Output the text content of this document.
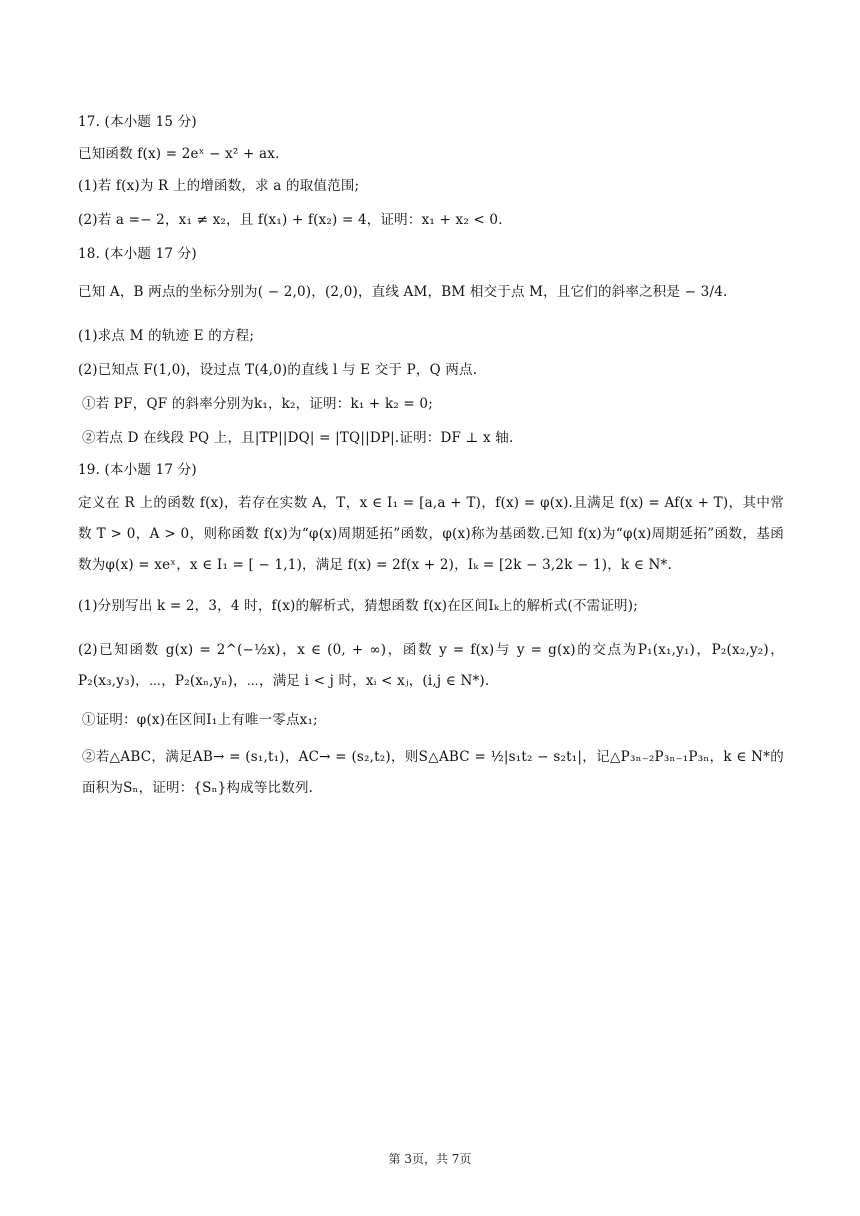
17. (本小题 15 分)
已知函数 f(x) = 2eˣ − x² + ax.
(1)若 f(x)为 R 上的增函数，求 a 的取值范围;
(2)若 a =− 2，x₁ ≠ x₂，且 f(x₁) + f(x₂) = 4，证明：x₁ + x₂ < 0.
18. (本小题 17 分)
已知 A，B 两点的坐标分别为( − 2,0)，(2,0)，直线 AM，BM 相交于点 M，且它们的斜率之积是 − 3/4.
(1)求点 M 的轨迹 E 的方程;
(2)已知点 F(1,0)，设过点 T(4,0)的直线 l 与 E 交于 P，Q 两点.
①若 PF，QF 的斜率分别为k₁，k₂，证明：k₁ + k₂ = 0;
②若点 D 在线段 PQ 上，且|TP||DQ| = |TQ||DP|.证明：DF ⊥ x 轴.
19. (本小题 17 分)
定义在 R 上的函数 f(x)，若存在实数 A，T，x ∈ I₁ = [a,a + T)，f(x) = φ(x).且满足 f(x) = Af(x + T)，其中常数 T > 0，A > 0，则称函数 f(x)为“φ(x)周期延拓”函数，φ(x)称为基函数.已知 f(x)为“φ(x)周期延拓”函数，基函数为φ(x) = xeˣ，x ∈ I₁ = [ − 1,1)，满足 f(x) = 2f(x + 2)，Iₖ = [2k − 3,2k − 1)，k ∈ N*.
(1)分别写出 k = 2，3，4 时，f(x)的解析式，猜想函数 f(x)在区间Iₖ上的解析式(不需证明);
(2)已知函数 g(x) = 2^(−½x)，x ∈ (0, + ∞)，函数 y = f(x)与 y = g(x)的交点为P₁(x₁,y₁)，P₂(x₂,y₂)，P₂(x₃,y₃)，⋯，P₂(xₙ,yₙ)，⋯，满足 i < j 时，xᵢ < xⱼ，(i,j ∈ N*).
①证明：φ(x)在区间I₁上有唯一零点x₁;
②若△ABC，满足AB→ = (s₁,t₁)，AC→ = (s₂,t₂)，则S△ABC = ½|s₁t₂ − s₂t₁|，记△P₃ₙ₋₂P₃ₙ₋₁P₃ₙ，k ∈ N*的面积为Sₙ，证明：{Sₙ}构成等比数列.
第 3页，共 7页
